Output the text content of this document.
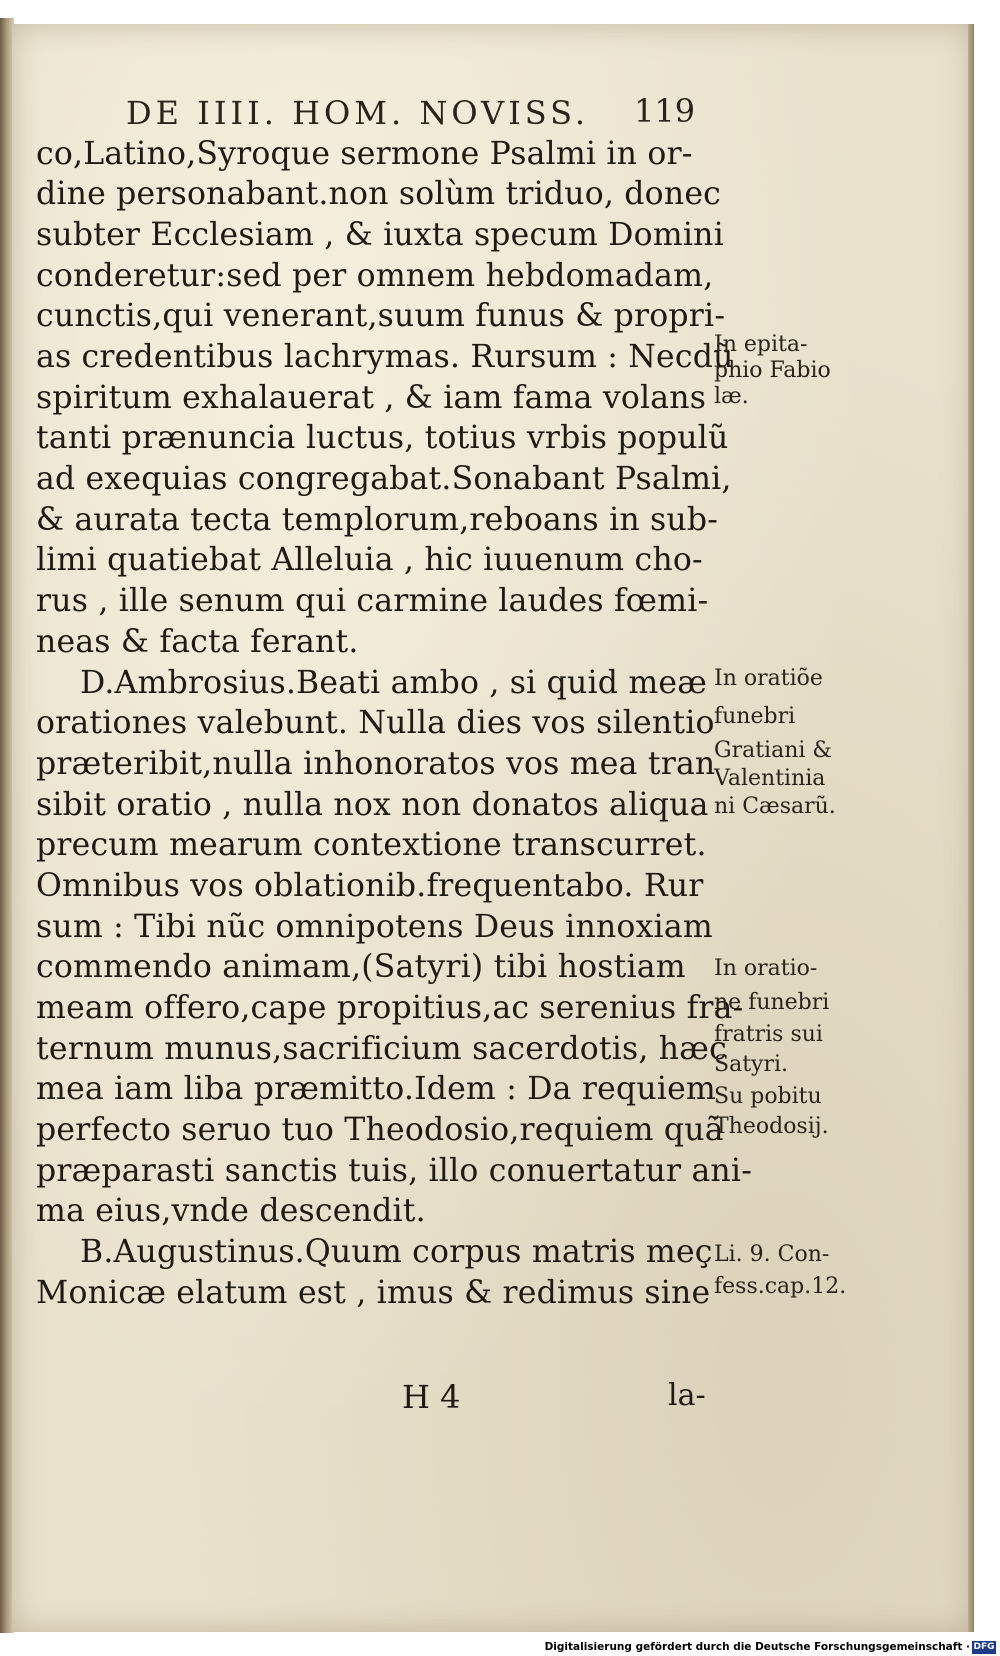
DE IIII. HOM. NOVISS.	119
co,Latino,Syroque sermone Psalmi in or-
dine personabant.non solùm triduo, donec
subter Ecclesiam , & iuxta specum Domini
conderetur:sed per omnem hebdomadam,
cunctis,qui venerant,suum funus & propri-
as credentibus lachrymas. Rursum : Necdũ
spiritum exhalauerat , & iam fama volans
tanti prænuncia luctus, totius vrbis populũ
ad exequias congregabat.Sonabant Psalmi,
& aurata tecta templorum,reboans in sub-
limi quatiebat Alleluia , hic iuuenum cho-
rus , ille senum qui carmine laudes fœmi-
neas & facta ferant.
D.Ambrosius.Beati ambo , si quid meæ
orationes valebunt. Nulla dies vos silentio
præteribit,nulla inhonoratos vos mea tran
sibit oratio , nulla nox non donatos aliqua
precum mearum contextione transcurret.
Omnibus vos oblationib.frequentabo. Rur
sum : Tibi nũc omnipotens Deus innoxiam
commendo animam,(Satyri) tibi hostiam
meam offero,cape propitius,ac serenius fra-
ternum munus,sacrificium sacerdotis, hæc
mea iam liba præmitto.Idem : Da requiem
perfecto seruo tuo Theodosio,requiem quã
præparasti sanctis tuis, illo conuertatur ani-
ma eius,vnde descendit.
B.Augustinus.Quum corpus matris meç
Monicæ elatum est , imus & redimus sine
In epita-
phio Fabio
læ.
In oratiõe
funebri
Gratiani &
Valentinia
ni Cæsarũ.
In oratio-
ne funebri
fratris sui
Satyri.
Su pobitu
Theodosij.
Li. 9. Con-
fess.cap.12.
H 4	la-
Digitalisierung gefördert durch die Deutsche Forschungsgemeinschaft · DFG
